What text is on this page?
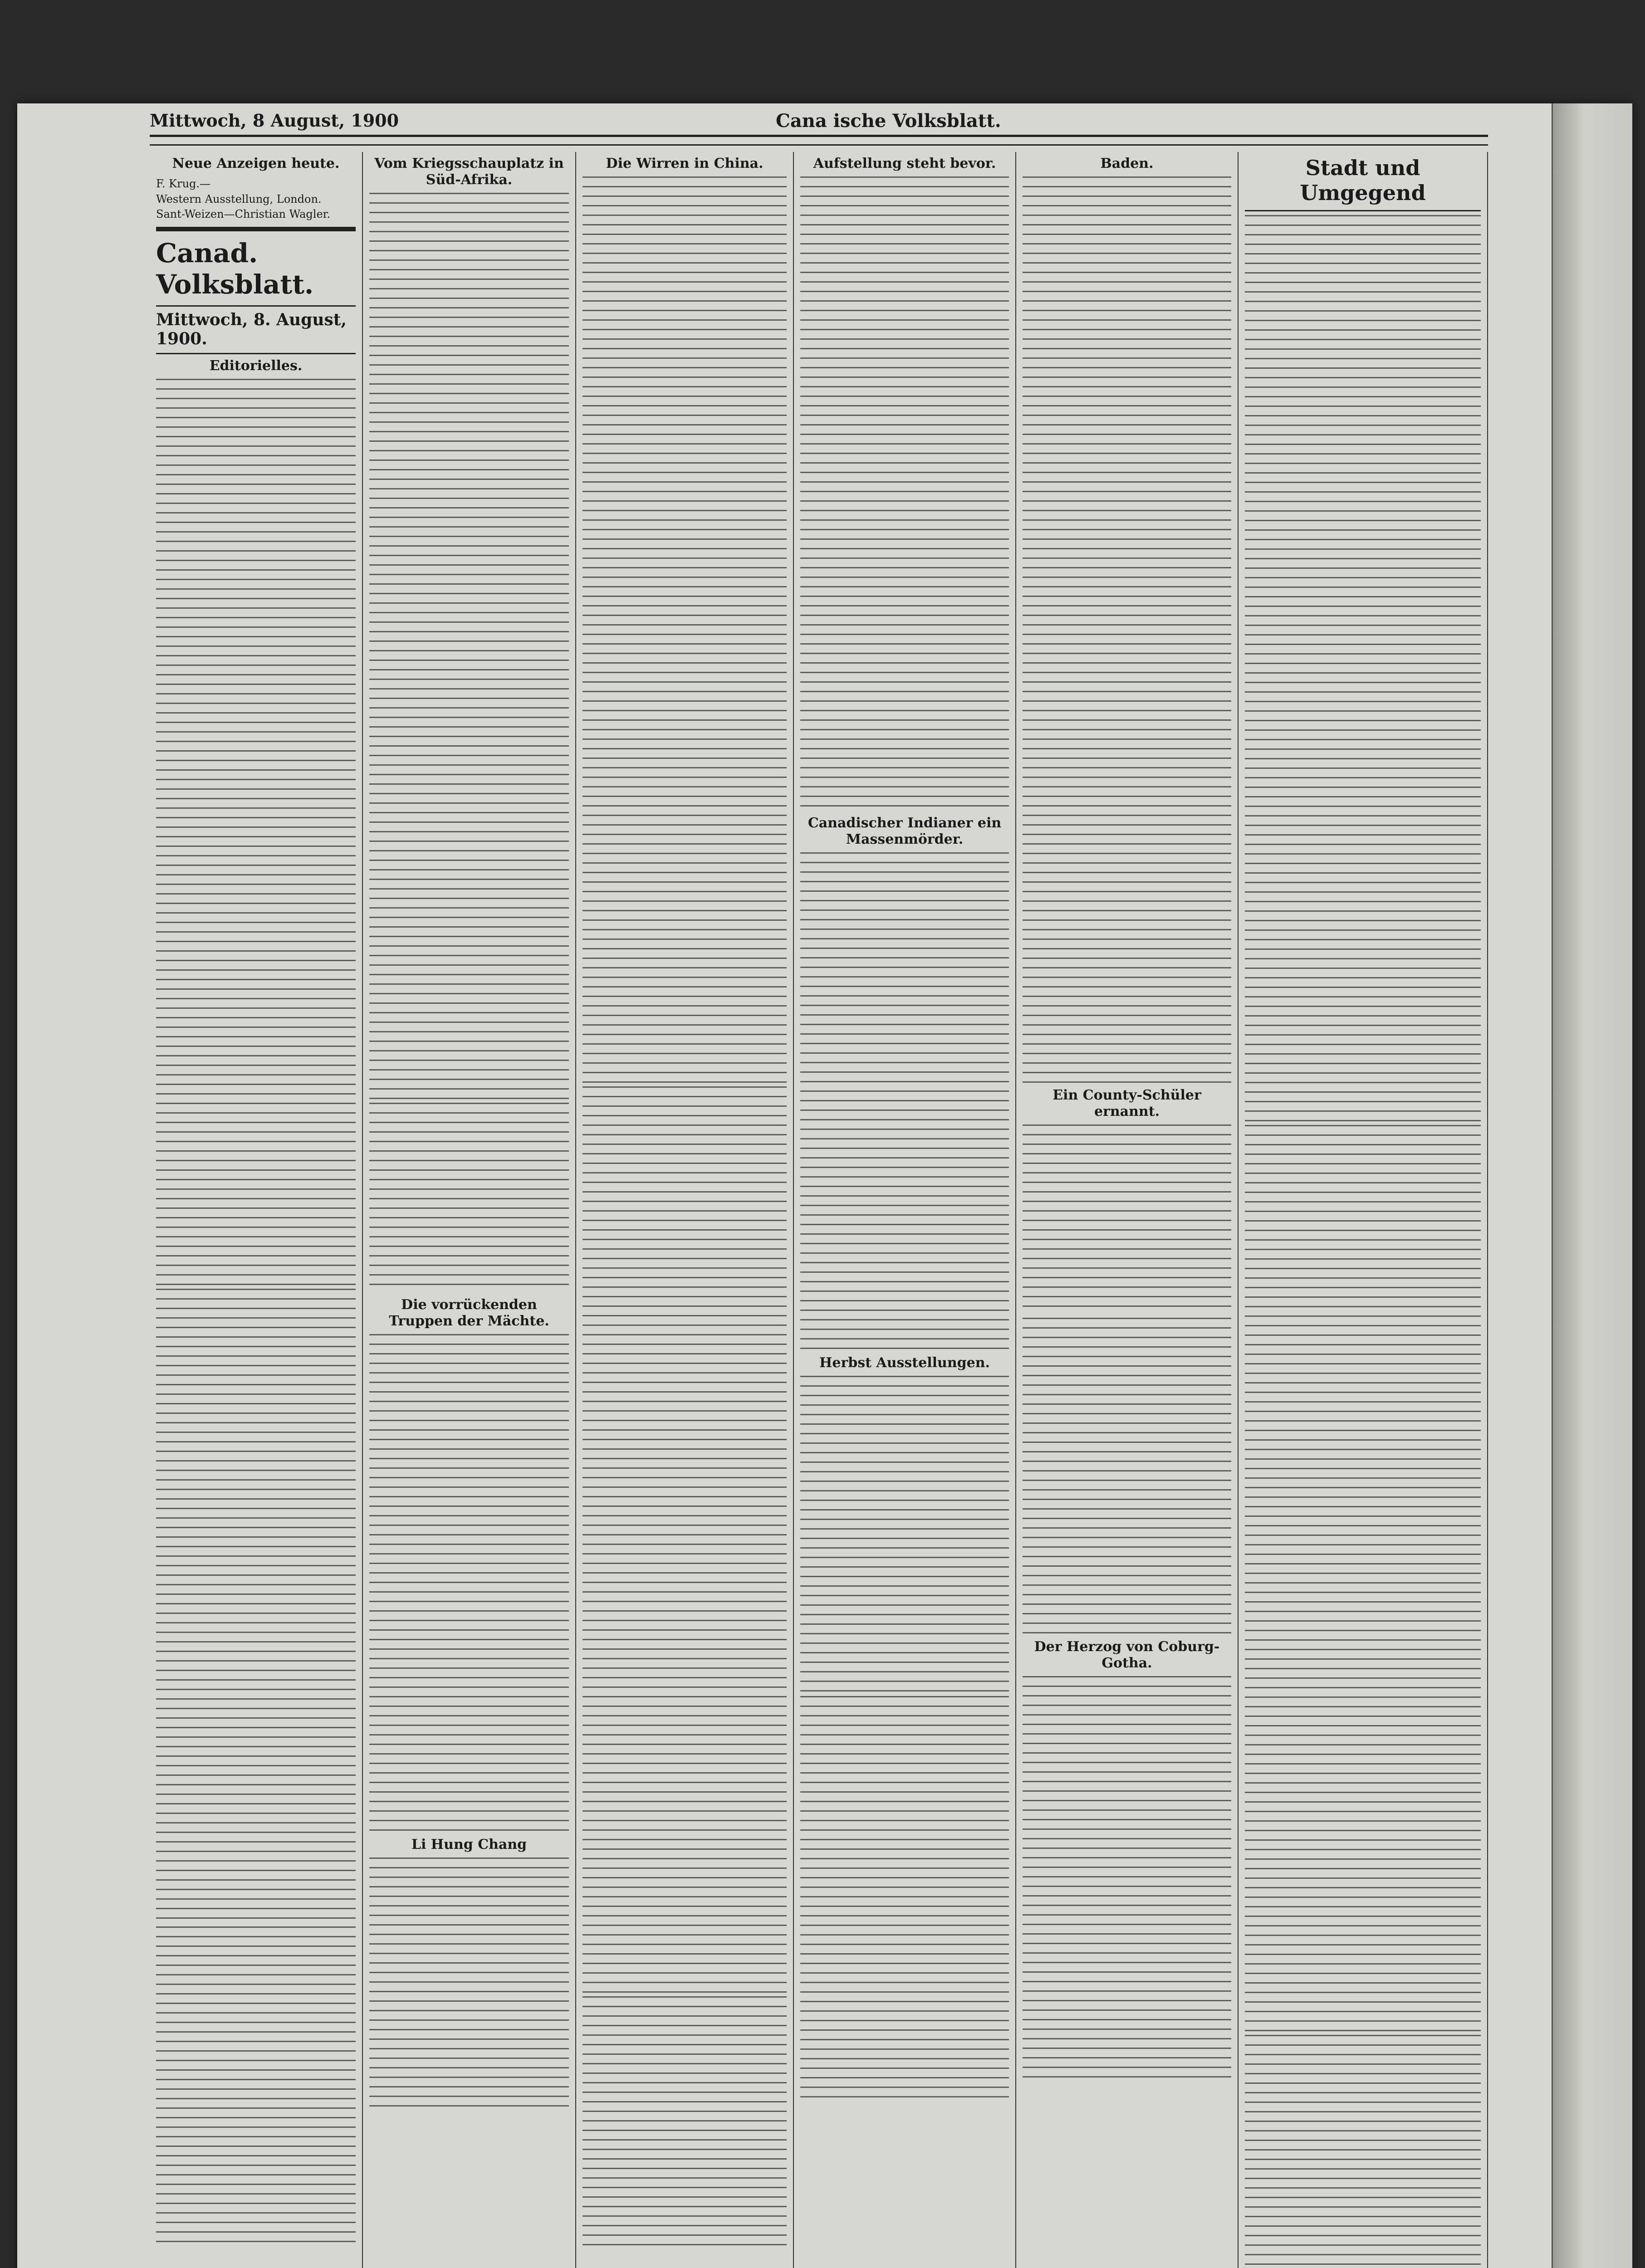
Mittwoch, 8 August, 1900	Cana ische Volksblatt.
Neue Anzeigen heute.
F. Krug.—
Western Ausstellung, London.
Sant-Weizen—Christian Wagler.
Canad. Volksblatt.
Mittwoch, 8. August, 1900.
Editorielles.
Vom Kriegsschauplatz in Süd-Afrika.
Die vorrückenden Truppen der Mächte.
Li Hung Chang
Die Wirren in China.	Aufstellung steht bevor.
Canadischer Indianer ein Massenmörder.
Herbst Ausstellungen.
Baden.
Ein County-Schüler ernannt.
Der Herzog von Coburg-Gotha.
Stadt und Umgegend
